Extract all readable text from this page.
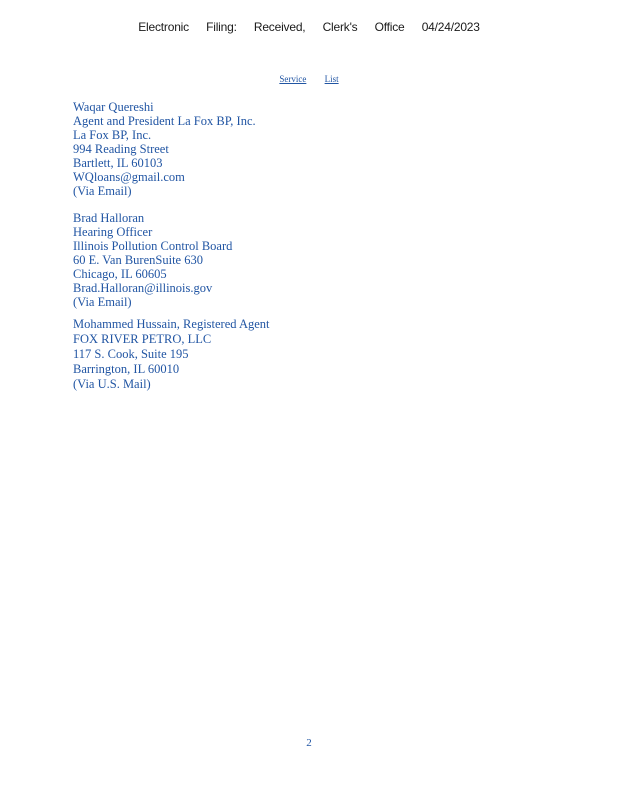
Electronic Filing: Received, Clerk's Office 04/24/2023
Service List
Waqar Quereshi
Agent and President La Fox BP, Inc.
La Fox BP, Inc.
994 Reading Street
Bartlett, IL 60103
WQloans@gmail.com
(Via Email)
Brad Halloran
Hearing Officer
Illinois Pollution Control Board
60 E. Van BurenSuite 630
Chicago, IL 60605
Brad.Halloran@illinois.gov
(Via Email)
Mohammed Hussain, Registered Agent
FOX RIVER PETRO, LLC
117 S. Cook, Suite 195
Barrington, IL 60010
(Via U.S. Mail)
2
